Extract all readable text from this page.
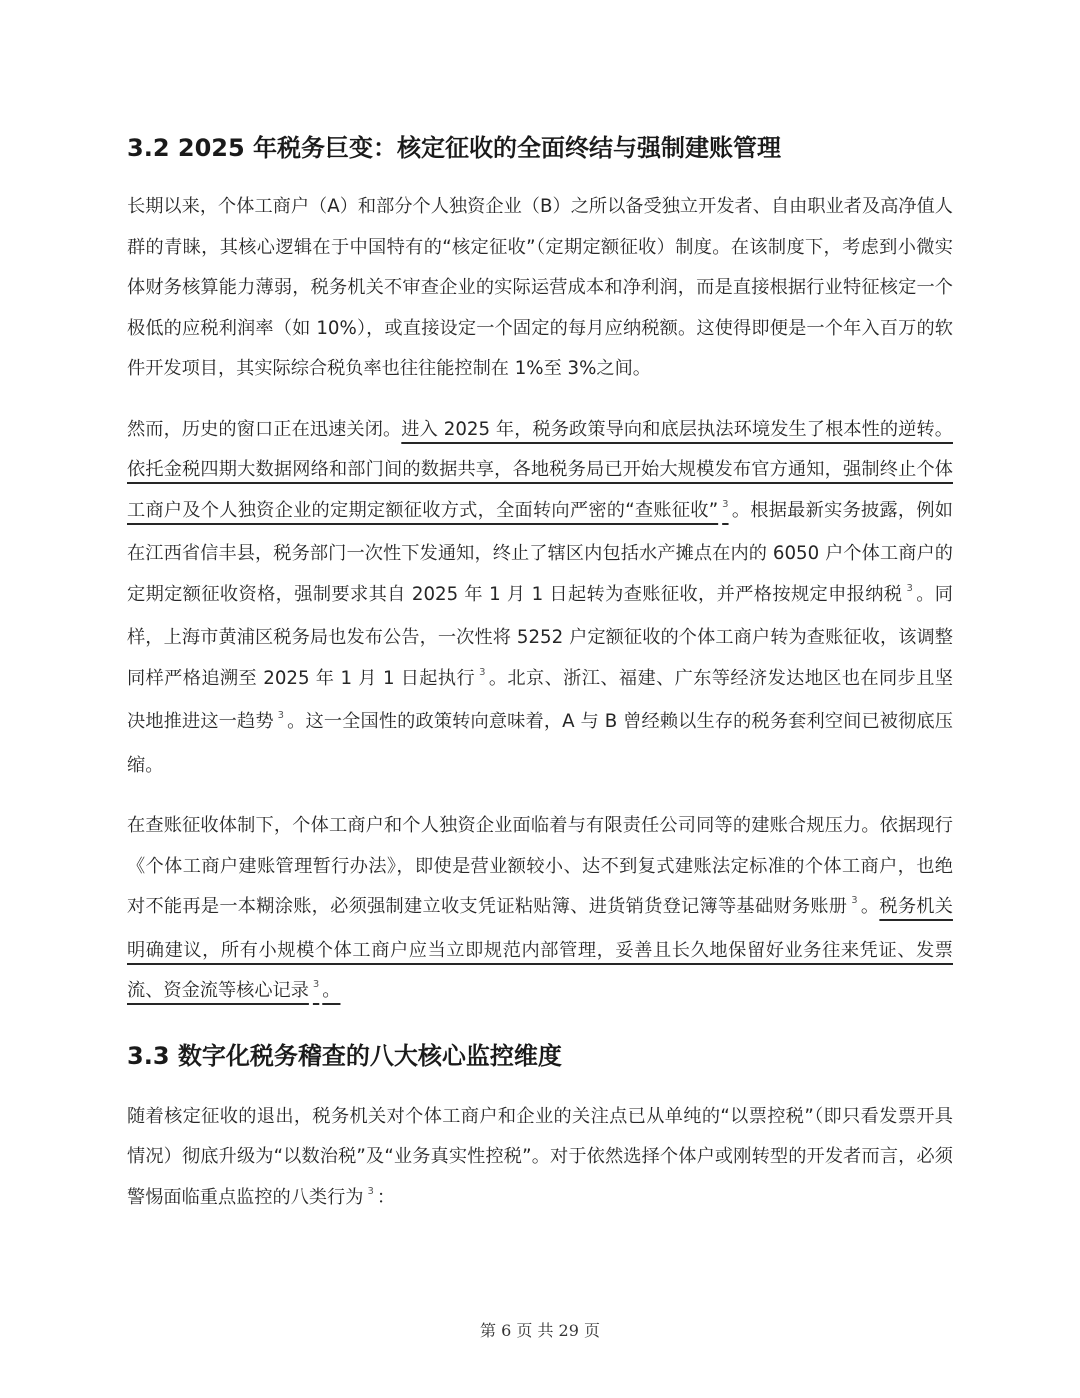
3.2 2025 年税务巨变：核定征收的全面终结与强制建账管理

长期以来，个体工商户（A）和部分个人独资企业（B）之所以备受独立开发者、自由职业者及高净值人群的青睐，其核心逻辑在于中国特有的“核定征收”（定期定额征收）制度。在该制度下，考虑到小微实体财务核算能力薄弱，税务机关不审查企业的实际运营成本和净利润，而是直接根据行业特征核定一个极低的应税利润率（如 10%），或直接设定一个固定的每月应纳税额。这使得即便是一个年入百万的软件开发项目，其实际综合税负率也往往能控制在 1%至 3%之间。

然而，历史的窗口正在迅速关闭。进入 2025 年，税务政策导向和底层执法环境发生了根本性的逆转。依托金税四期大数据网络和部门间的数据共享，各地税务局已开始大规模发布官方通知，强制终止个体工商户及个人独资企业的定期定额征收方式，全面转向严密的“查账征收” $^3$ 。根据最新实务披露，例如在江西省信丰县，税务部门一次性下发通知，终止了辖区内包括水产摊点在内的 6050 户个体工商户的定期定额征收资格，强制要求其自 2025 年 1 月 1 日起转为查账征收，并严格按规定申报纳税 $^3$ 。同样，上海市黄浦区税务局也发布公告，一次性将 5252 户定额征收的个体工商户转为查账征收，该调整同样严格追溯至 2025 年 1 月 1 日起执行 $^3$ 。北京、浙江、福建、广东等经济发达地区也在同步且坚决地推进这一趋势 $^3$ 。这一全国性的政策转向意味着，A 与 B 曾经赖以生存的税务套利空间已被彻底压缩。

在查账征收体制下，个体工商户和个人独资企业面临着与有限责任公司同等的建账合规压力。依据现行《个体工商户建账管理暂行办法》，即使是营业额较小、达不到复式建账法定标准的个体工商户，也绝对不能再是一本糊涂账，必须强制建立收支凭证粘贴簿、进货销货登记簿等基础财务账册 $^3$ 。税务机关明确建议，所有小规模个体工商户应当立即规范内部管理，妥善且长久地保留好业务往来凭证、发票流、资金流等核心记录 $^3$ 。

3.3 数字化税务稽查的八大核心监控维度

随着核定征收的退出，税务机关对个体工商户和企业的关注点已从单纯的“以票控税”（即只看发票开具情况）彻底升级为“以数治税”及“业务真实性控税”。对于依然选择个体户或刚转型的开发者而言，必须警惕面临重点监控的八类行为 $^3$ ：

第 6 页 共 29 页
